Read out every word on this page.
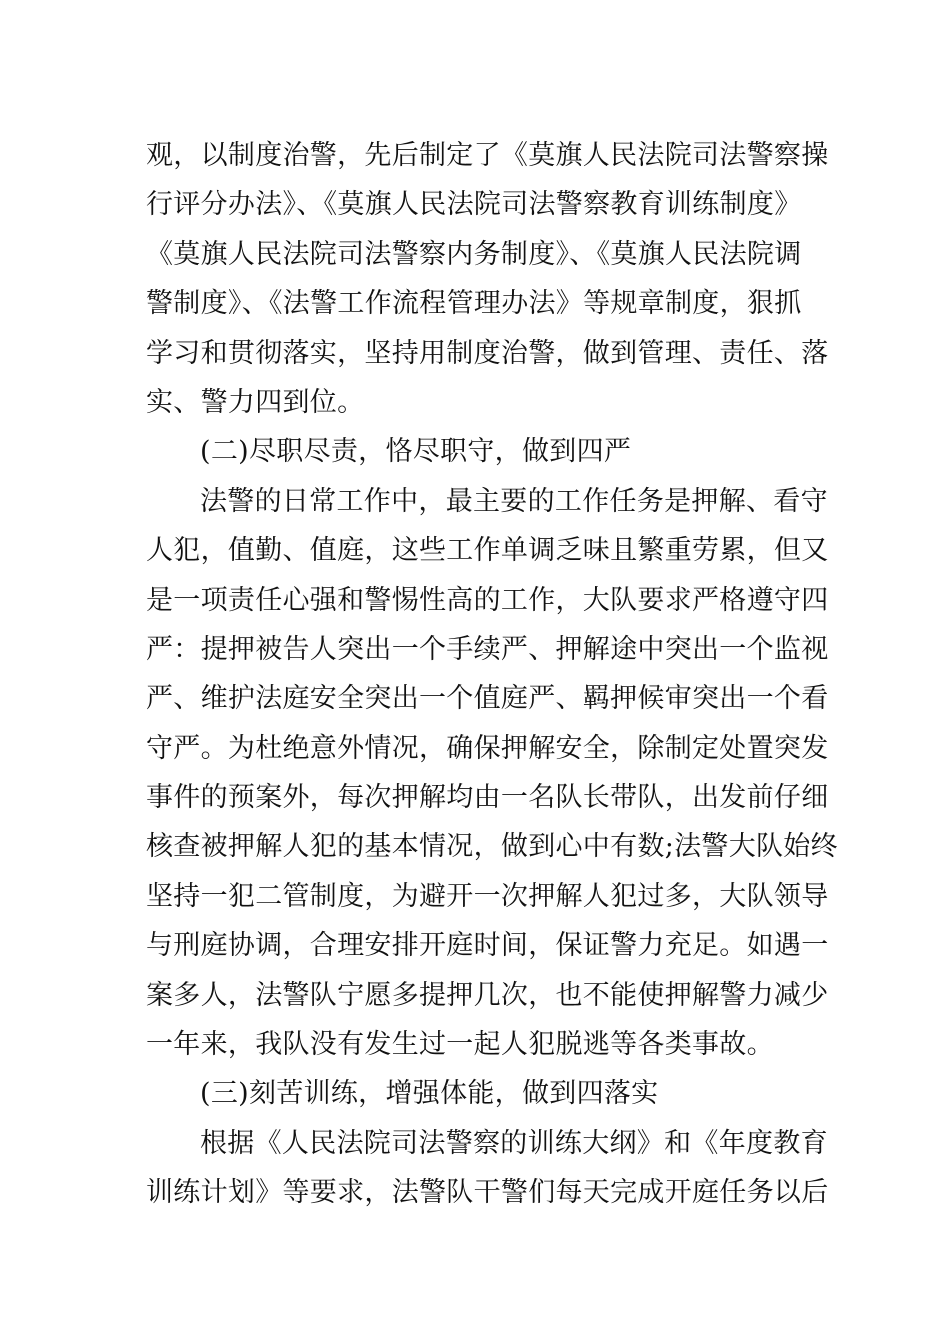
观，以制度治警，先后制定了《莫旗人民法院司法警察操
行评分办法》、《莫旗人民法院司法警察教育训练制度》
《莫旗人民法院司法警察内务制度》、《莫旗人民法院调
警制度》、《法警工作流程管理办法》等规章制度，狠抓
学习和贯彻落实，坚持用制度治警，做到管理、责任、落
实、警力四到位。
(二)尽职尽责，恪尽职守，做到四严
法警的日常工作中，最主要的工作任务是押解、看守
人犯，值勤、值庭，这些工作单调乏味且繁重劳累，但又
是一项责任心强和警惕性高的工作，大队要求严格遵守四
严：提押被告人突出一个手续严、押解途中突出一个监视
严、维护法庭安全突出一个值庭严、羁押候审突出一个看
守严。为杜绝意外情况，确保押解安全，除制定处置突发
事件的预案外，每次押解均由一名队长带队，出发前仔细
核查被押解人犯的基本情况，做到心中有数;法警大队始终
坚持一犯二管制度，为避开一次押解人犯过多，大队领导
与刑庭协调，合理安排开庭时间，保证警力充足。如遇一
案多人，法警队宁愿多提押几次，也不能使押解警力减少
一年来，我队没有发生过一起人犯脱逃等各类事故。
(三)刻苦训练，增强体能，做到四落实
根据《人民法院司法警察的训练大纲》和《年度教育
训练计划》等要求，法警队干警们每天完成开庭任务以后
